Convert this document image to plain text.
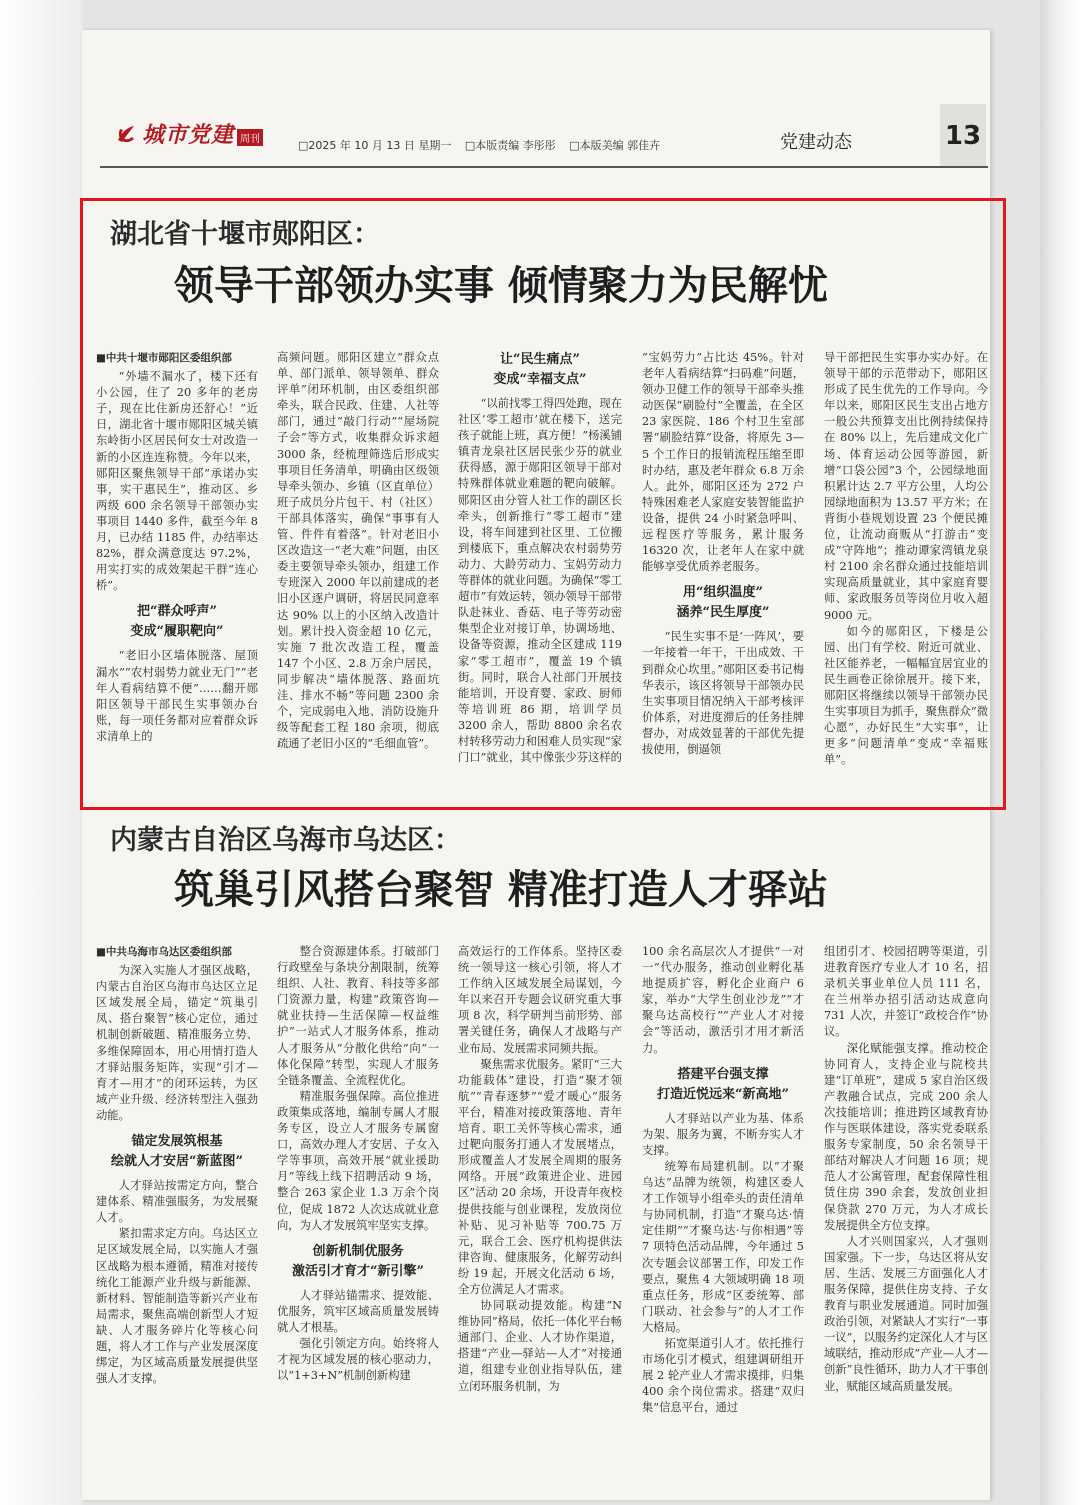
城市党建 周刊	□2025 年 10 月 13 日 星期一 □本版责编 李彤彤 □本版美编 郭佳卉	党建动态	13
湖北省十堰市郧阳区：
领导干部领办实事 倾情聚力为民解忧

■中共十堰市郧阳区委组织部

“外墙不漏水了，楼下还有小公园，住了 20 多年的老房子，现在比住新房还舒心！”近日，湖北省十堰市郧阳区城关镇东岭街小区居民何女士对改造一新的小区连连称赞。今年以来，郧阳区聚焦领导干部“承诺办实事，实干惠民生”，推动区、乡两级 600 余名领导干部领办实事项目 1440 多件，截至今年 8 月，已办结 1185 件，办结率达 82%，群众满意度达 97.2%，用实打实的成效架起干群“连心桥”。

把“群众呼声”
变成“履职靶向”

“老旧小区墙体脱落、屋顶漏水”“农村弱势力就业无门”“老年人看病结算不便”……翻开郧阳区领导干部民生实事领办台账，每一项任务都对应着群众诉求清单上的

高频问题。郧阳区建立“群众点单、部门派单、领导领单、群众评单”闭环机制，由区委组织部牵头，联合民政、住建、人社等部门，通过“敲门行动”“屋场院子会”等方式，收集群众诉求超 3000 条，经梳理筛选后形成实事项目任务清单，明确由区级领导牵头领办、乡镇（区直单位）班子成员分片包干、村（社区）干部具体落实，确保“事事有人管、件件有着落”。针对老旧小区改造这一“老大难”问题，由区委主要领导牵头领办，组建工作专班深入 2000 年以前建成的老旧小区逐户调研，将居民同意率达 90% 以上的小区纳入改造计划。累计投入资金超 10 亿元，实施 7 批次改造工程，覆盖 147 个小区、2.8 万余户居民，同步解决“墙体脱落、路面坑洼、排水不畅”等问题 2300 余个，完成弱电入地、消防设施升级等配套工程 180 余项，彻底疏通了老旧小区的“毛细血管”。

让“民生痛点”
变成“幸福支点”

“以前找零工得四处跑，现在社区‘零工超市’就在楼下，送完孩子就能上班，真方便！”杨溪铺镇青龙泉社区居民张少芬的就业获得感，源于郧阳区领导干部对特殊群体就业难题的靶向破解。郧阳区由分管人社工作的副区长牵头，创新推行“零工超市”建设，将车间建到社区里、工位搬到楼底下，重点解决农村弱势劳动力、大龄劳动力、宝妈劳动力等群体的就业问题。为确保“零工超市”有效运转，领办领导干部带队赴袜业、香菇、电子等劳动密集型企业对接订单，协调场地、设备等资源，推动全区建成 119 家“零工超市”，覆盖 19 个镇街。同时，联合人社部门开展技能培训，开设育婴、家政、厨师等培训班 86 期，培训学员 3200 余人，帮助 8800 余名农村转移劳动力和困难人员实现“家门口”就业，其中像张少芬这样的

“宝妈劳力”占比达 45%。针对老年人看病结算“扫码难”问题，领办卫健工作的领导干部牵头推动医保“刷脸付”全覆盖，在全区 23 家医院、186 个村卫生室部署“刷脸结算”设备，将原先 3—5 个工作日的报销流程压缩至即时办结，惠及老年群众 6.8 万余人。此外，郧阳区还为 272 户特殊困难老人家庭安装智能监护设备，提供 24 小时紧急呼叫、远程医疗等服务，累计服务 16320 次，让老年人在家中就能够享受优质养老服务。

用“组织温度”
涵养“民生厚度”

“民生实事不是‘一阵风’，要一年接着一年干，干出成效、干到群众心坎里。”郧阳区委书记梅华表示，该区将领导干部领办民生实事项目情况纳入干部考核评价体系，对进度滞后的任务挂牌督办，对成效显著的干部优先提拔使用，倒逼领

导干部把民生实事办实办好。在领导干部的示范带动下，郧阳区形成了民生优先的工作导向。今年以来，郧阳区民生支出占地方一般公共预算支出比例持续保持在 80% 以上，先后建成文化广场、体育运动公园等游园，新增“口袋公园”3 个，公园绿地面积累计达 2.7 平方公里，人均公园绿地面积为 13.57 平方米；在背街小巷规划设置 23 个便民摊位，让流动商贩从“打游击”变成“守阵地”；推动谭家湾镇龙泉村 2100 余名群众通过技能培训实现高质量就业，其中家庭育婴师、家政服务员等岗位月收入超 9000 元。

如今的郧阳区，下楼是公园、出门有学校、附近可就业、社区能养老，一幅幅宜居宜业的民生画卷正徐徐展开。接下来，郧阳区将继续以领导干部领办民生实事项目为抓手，聚焦群众“微心愿”，办好民生“大实事”，让更多“问题清单”变成“幸福账单”。

内蒙古自治区乌海市乌达区：
筑巢引风搭台聚智 精准打造人才驿站

■中共乌海市乌达区委组织部

为深入实施人才强区战略，内蒙古自治区乌海市乌达区立足区域发展全局，锚定“筑巢引凤、搭台聚智”核心定位，通过机制创新破题、精准服务立势、多维保障固本，用心用情打造人才驿站服务矩阵，实现“引才—育才—用才”的闭环运转，为区域产业升级、经济转型注入强劲动能。

锚定发展筑根基
绘就人才安居“新蓝图”

人才驿站按需定方向，整合建体系、精准强服务，为发展聚人才。

紧扣需求定方向。乌达区立足区域发展全局，以实施人才强区战略为根本遵循，精准对接传统化工能源产业升级与新能源、新材料、智能制造等新兴产业布局需求，聚焦高端创新型人才短缺、人才服务碎片化等核心问题，将人才工作与产业发展深度绑定，为区域高质量发展提供坚强人才支撑。

整合资源建体系。打破部门行政壁垒与条块分割限制，统筹组织、人社、教育、科技等多部门资源力量，构建“政策咨询—就业扶持—生活保障—权益维护”一站式人才服务体系，推动人才服务从“分散化供给”向“一体化保障”转型，实现人才服务全链条覆盖、全流程优化。

精准服务强保障。高位推进政策集成落地，编制专属人才服务专区，设立人才服务专属窗口，高效办理人才安居、子女入学等事项，高效开展“就业援助月”等线上线下招聘活动 9 场，整合 263 家企业 1.3 万余个岗位，促成 1872 人次达成就业意向，为人才发展筑牢坚实支撑。

创新机制优服务
激活引才育才“新引擎”

人才驿站锚需求、提效能、优服务，筑牢区域高质量发展铸就人才根基。

强化引领定方向。始终将人才视为区域发展的核心驱动力，以“1+3+N”机制创新构建

高效运行的工作体系。坚持区委统一领导这一核心引领，将人才工作纳入区域发展全局谋划，今年以来召开专题会议研究重大事项 8 次，科学研判当前形势、部署关键任务，确保人才战略与产业布局、发展需求同频共振。

聚焦需求优服务。紧盯“三大功能载体”建设，打造“聚才领航”“青春逐梦”“爱才暖心”服务平台，精准对接政策落地、青年培育、职工关怀等核心需求，通过靶向服务打通人才发展堵点，形成覆盖人才发展全周期的服务网络。开展“政策进企业、进园区”活动 20 余场，开设青年夜校提供技能与创业课程，发放岗位补贴、见习补贴等 700.75 万元，联合工会、医疗机构提供法律咨询、健康服务，化解劳动纠纷 19 起，开展文化活动 6 场，全方位满足人才需求。

协同联动提效能。构建“N 维协同”格局，依托一体化平台畅通部门、企业、人才协作渠道，搭建“产业—驿站—人才”对接通道，组建专业创业指导队伍，建立闭环服务机制，为

100 余名高层次人才提供“一对一”代办服务，推动创业孵化基地提质扩容，孵化企业商户 6 家，举办“大学生创业沙龙”“才聚乌达高校行”“产业人才对接会”等活动，激活引才用才新活力。

搭建平台强支撑
打造近悦远来“新高地”

人才驿站以产业为基、体系为架、服务为翼，不断夯实人才支撑。

统筹布局建机制。以“才聚乌达”品牌为统领，构建区委人才工作领导小组牵头的责任清单与协同机制，打造“才聚乌达·情定佳期”“才聚乌达·与你相遇”等 7 项特色活动品牌，今年通过 5 次专题会议部署工作，印发工作要点，聚焦 4 大领域明确 18 项重点任务，形成“区委统筹、部门联动、社会参与”的人才工作大格局。

拓宽渠道引人才。依托推行市场化引才模式，组建调研组开展 2 轮产业人才需求摸排，归集 400 余个岗位需求。搭建“双归集”信息平台，通过

组团引才、校园招聘等渠道，引进教育医疗专业人才 10 名，招录机关事业单位人员 111 名，在兰州举办招引活动达成意向 731 人次，并签订“政校合作”协议。

深化赋能强支撑。推动校企协同育人，支持企业与院校共建“订单班”，建成 5 家自治区级产教融合试点，完成 200 余人次技能培训；推进跨区域教育协作与医联体建设，落实党委联系服务专家制度，50 余名领导干部结对解决人才问题 16 项；规范人才公寓管理，配套保障性租赁住房 390 余套，发放创业担保贷款 270 万元，为人才成长发展提供全方位支撑。

人才兴则国家兴，人才强则国家强。下一步，乌达区将从安居、生活、发展三方面强化人才服务保障，提供住房支持、子女教育与职业发展通道。同时加强政治引领，对紧缺人才实行“一事一议”，以服务约定深化人才与区域联结，推动形成“产业—人才—创新”良性循环，助力人才干事创业，赋能区域高质量发展。
